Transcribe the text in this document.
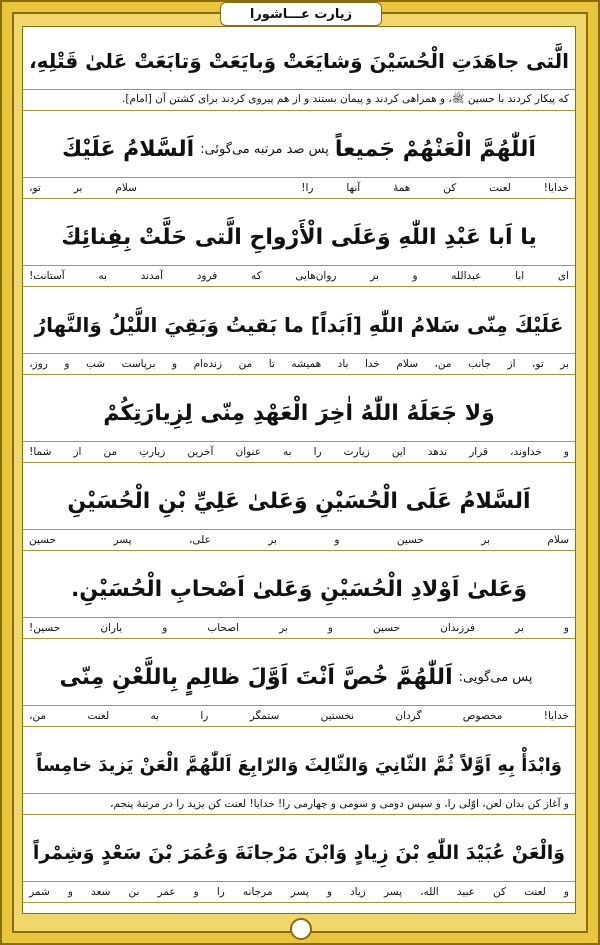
زیارت عـــاشورا
الَّتى جاهَدَتِ الْحُسَيْنَ وَشايَعَتْ وَبايَعَتْ وَتابَعَتْ عَلىٰ قَتْلِهِ،
که پیکار کردند با حسین ﷺ، و همراهی کردند و پیمان بستند و از هم پیروی کردند برای کشتن آن [امام].
اَللّٰهُمَّ الْعَنْهُمْ جَميعاً
پس صد مرتبه می‌گوئی:
اَلسَّلامُ عَلَيْكَ
خدایا!
لعنت
کن
همهٔ
آنها
را!
سلام
بر
تو،
يا اَبا عَبْدِ اللّٰهِ وَعَلَى الْأَرْواحِ الَّتى حَلَّتْ بِفِنائِكَ
ای
ابا
عبدالله
و
بر
روان‌هایی
که
فرود
آمدند
به
آستانت!
عَلَيْكَ مِنّى سَلامُ اللّٰهِ [اَبَداً] ما بَقيتُ وَبَقِيَ اللَّيْلُ وَالنَّهارُ
بر
تو،
از
جانب
من،
سلام
خدا
باد
همیشه
تا
من
زنده‌ام
و
برپاست
شب
و
روز،
وَلا جَعَلَهُ اللّٰهُ اٰخِرَ الْعَهْدِ مِنّى لِزِيارَتِكُمْ
و
خداوند،
قرار
ندهد
این
زیارت
را
به
عنوان
آخرین
زیارتِ
من
از
شما!
اَلسَّلامُ عَلَى الْحُسَيْنِ وَعَلىٰ عَلِيِّ بْنِ الْحُسَيْنِ
سلام
بر
حسین
و
بر
علی،
پسر
حسین
وَعَلىٰ اَوْلادِ الْحُسَيْنِ وَعَلىٰ اَصْحابِ الْحُسَيْنِ.
و
بر
فرزندان
حسین
و
بر
اصحاب
و
یاران
حسین!
پس می‌گویی:
اَللّٰهُمَّ خُصَّ اَنْتَ اَوَّلَ ظالِمٍ بِاللَّعْنِ مِنّى
خدایا!
مخصوص
گردان
نخستین
ستمگر
را
به
لعنت
من،
وَابْدَأْ بِهِ اَوَّلاً ثُمَّ الثّانِيَ وَالثّالِثَ وَالرّابِعَ اَللّٰهُمَّ الْعَنْ يَزيدَ خامِساً
و آغاز کن بدان لعن، اوّلی را، و سپس دومی و سومی و چهارمی را! خدایا! لعنت کن یزید را در مرتبهٔ پنجم،
وَالْعَنْ عُبَيْدَ اللّٰهِ بْنَ زِيادٍ وَابْنَ مَرْجانَةَ وَعُمَرَ بْنَ سَعْدٍ وَشِمْراً
و
لعنت
کن
عبید
الله،
پسر
زیاد
و
پسر
مرجانه
را
و
عمر
بن
سعد
و
شمر
